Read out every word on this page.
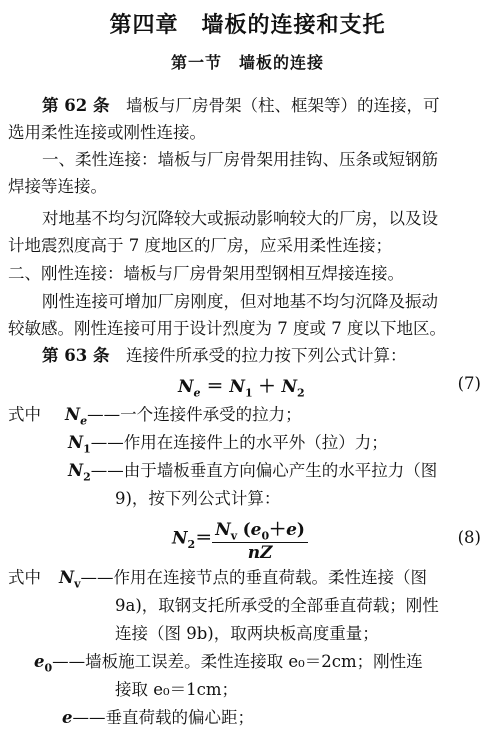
第四章　墙板的连接和支托
第一节　墙板的连接
第 62 条　 墙板与厂房骨架（柱、框架等）的连接，可
选用柔性连接或刚性连接。
一、柔性连接：墙板与厂房骨架用挂钩、压条或短钢筋
焊接等连接。
对地基不均匀沉降较大或振动影响较大的厂房，以及设
计地震烈度高于 7 度地区的厂房，应采用柔性连接；
二、刚性连接：墙板与厂房骨架用型钢相互焊接连接。
刚性连接可增加厂房刚度，但对地基不均匀沉降及振动
较敏感。刚性连接可用于设计烈度为 7 度或 7 度以下地区。
第 63 条　 连接件所承受的拉力按下列公式计算：
$N_e = N_1 + N_2$	(7)
式中 $N_e——$一个连接件承受的拉力；
$N_1——$作用在连接件上的水平外（拉）力；
$N_2——$由于墙板垂直方向偏心产生的水平拉力（图
9)，按下列公式计算：
$N_2= \frac{N_v (e_0+e)}{nZ}$	(8)
式中 $N_v——$作用在连接节点的垂直荷载。柔性连接（图
9a)，取钢支托所承受的全部垂直荷载；刚性
连接（图 9b)，取两块板高度重量；
$e_0——$墙板施工误差。柔性连接取 e₀＝2cm；刚性连
接取 e₀＝1cm；
e——垂直荷载的偏心距；
